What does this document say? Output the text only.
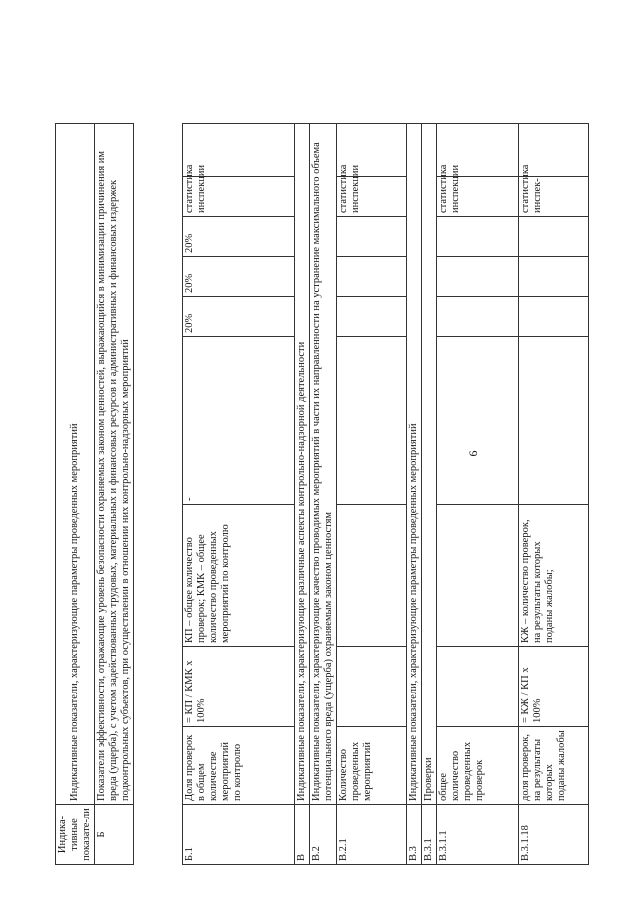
9
Индика-тивные показате-ли	Индикативные показатели, характеризующие параметры проведенных мероприятий
Б	Показатели эффективности, отражающие уровень безопасности охраняемых законом ценностей, выражающийся в минимизации причинения им вреда (ущерба), с учетом задействованных трудовых, материальных и финансовых ресурсов и административных и финансовых издержек подконтрольных субъектов, при осуществлении в отношении них контрольно-надзорных мероприятий
Б.1	Доля проверок в общем количестве мероприятий по контролю	= КП / КМК x 100%	КП – общее количество проверок; КМК – общее количество проведенных мероприятий по контролю	-	20%	20%	20%	статистика инспекции	
В	Индикативные показатели, характеризующие различные аспекты контрольно-надзорной деятельности								
В.2	Индикативные показатели, характеризующие качество проводимых мероприятий в части их направленности на устранение максимального объема потенциального вреда (ущерба) охраняемым законом ценностям								
В.2.1	Количество проведенных мероприятий							статистика инспекции	
В.3	Индикативные показатели, характеризующие параметры проведенных мероприятий								
В.3.1	Проверки								
В.3.1.1	общее количество проведенных проверок							статистика инспекции	
В.3.1.18	доля проверок, на результаты которых поданы жалобы	= КЖ / КП x 100%	КЖ – количество проверок, на результаты которых поданы жалобы;					статистика инспек-	
